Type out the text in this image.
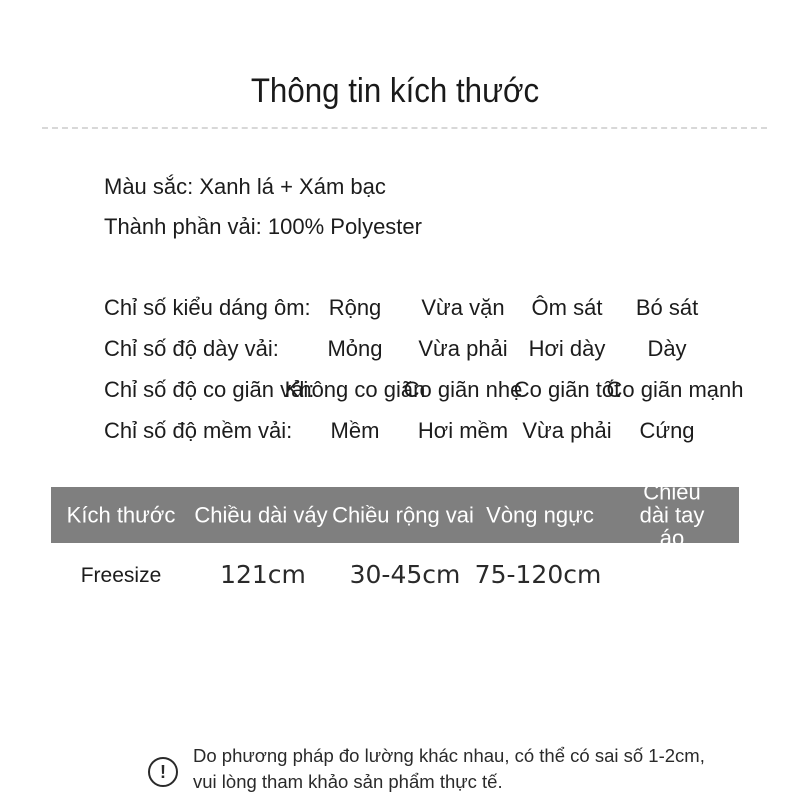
Thông tin kích thước
Màu sắc: Xanh lá + Xám bạc
Thành phần vải: 100% Polyester
Chỉ số kiểu dáng ôm: Rộng Vừa vặn Ôm sát Bó sát
Chỉ số độ dày vải: Mỏng Vừa phải Hơi dày Dày
Chỉ số độ co giãn vải:
Không co giãn
Co giãn nhẹ
Co giãn tốt
Co giãn mạnh
Chỉ số độ mềm vải: Mềm Hơi mềm Vừa phải Cứng
Kích thước Chiều dài váy Chiều rộng vai Vòng ngực
Chiều dài tay áo
Freesize 121cm 30-45cm 75-120cm
!
Do phương pháp đo lường khác nhau, có thể có sai số 1-2cm,
vui lòng tham khảo sản phẩm thực tế.
